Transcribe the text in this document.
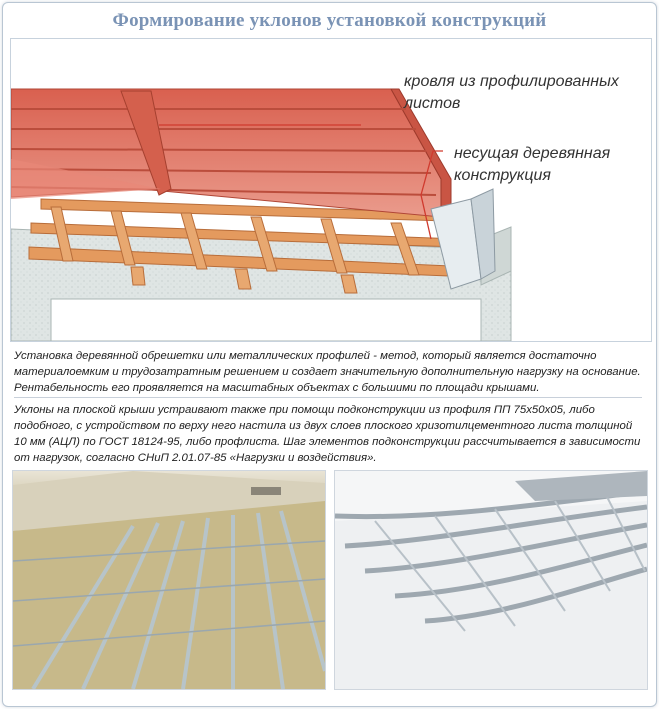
Формирование уклонов установкой конструкций
кровля из профилированных листов
несущая деревянная конструкция
Установка деревянной обрешетки или металлических профилей - метод, который является достаточно материалоемким и трудозатратным решением и создает значительную дополнительную нагрузку на основание. Рентабельность его проявляется на масштабных объектах с большими по площади крышами.
Уклоны на плоской крыши устраивают также при помощи подконструкции из профиля ПП 75х50х05, либо подобного, с устройством по верху него настила из двух слоев плоского хризотилцементного листа толщиной 10 мм (АЦЛ) по ГОСТ 18124-95, либо профлиста. Шаг элементов подконструкции рассчитывается в зависимости от нагрузок, согласно СНиП 2.01.07-85 «Нагрузки и воздействия».
